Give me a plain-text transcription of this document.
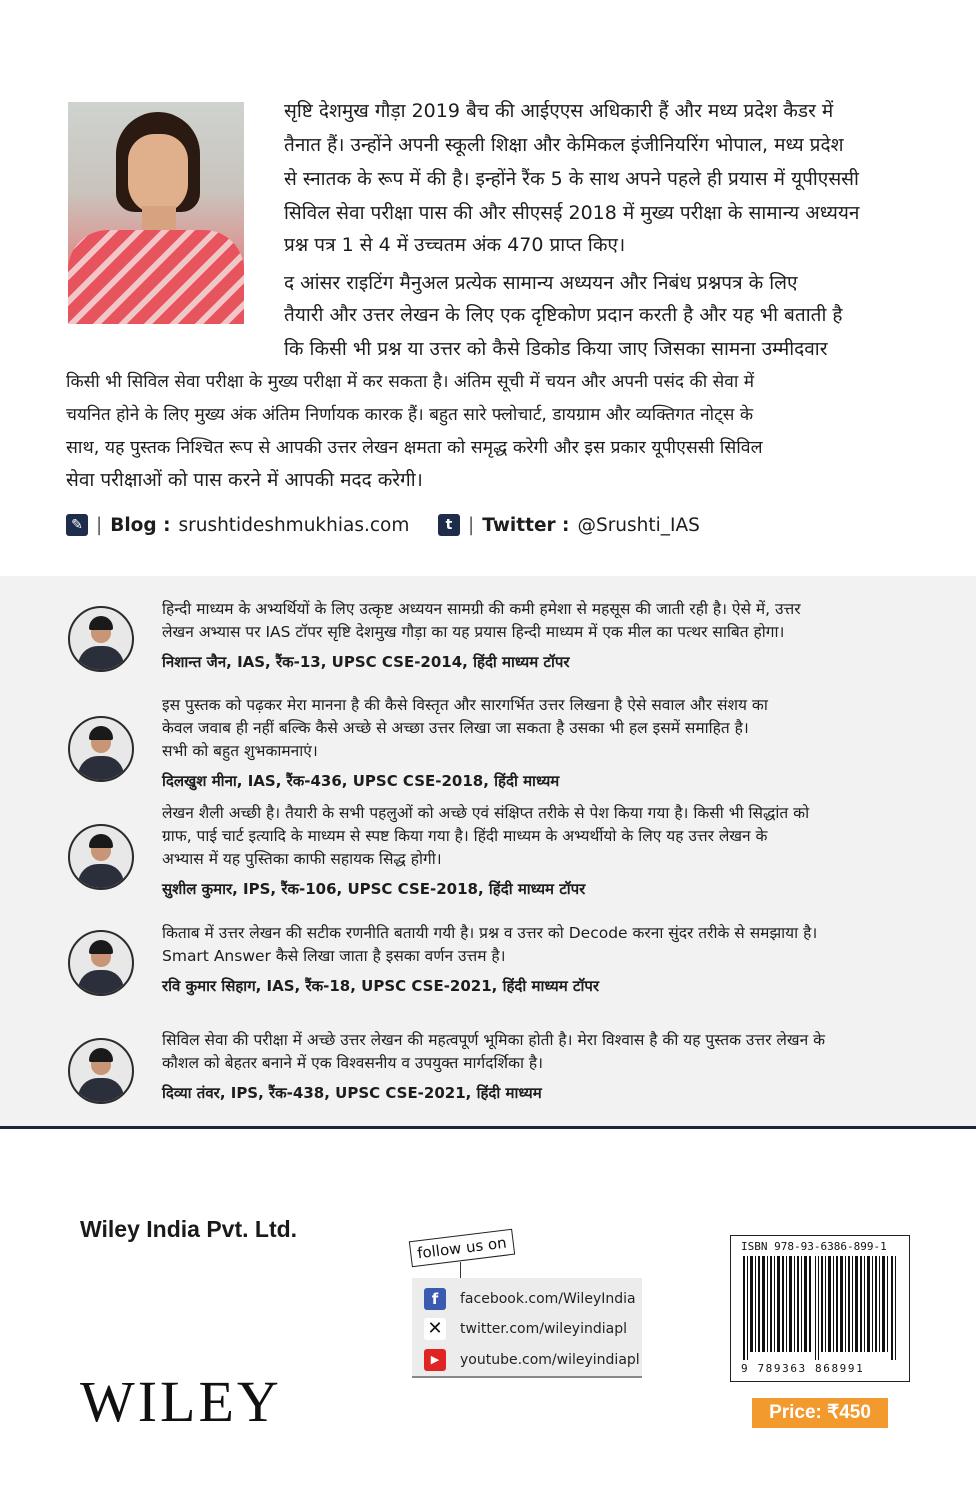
सृष्टि देशमुख गौड़ा 2019 बैच की आईएएस अधिकारी हैं और मध्य प्रदेश कैडर में
तैनात हैं। उन्होंने अपनी स्कूली शिक्षा और केमिकल इंजीनियरिंग भोपाल, मध्य प्रदेश
से स्नातक के रूप में की है। इन्होंने रैंक 5 के साथ अपने पहले ही प्रयास में यूपीएससी
सिविल सेवा परीक्षा पास की और सीएसई 2018 में मुख्य परीक्षा के सामान्य अध्ययन
प्रश्न पत्र 1 से 4 में उच्चतम अंक 470 प्राप्त किए।
द आंसर राइटिंग मैनुअल प्रत्येक सामान्य अध्ययन और निबंध प्रश्नपत्र के लिए
तैयारी और उत्तर लेखन के लिए एक दृष्टिकोण प्रदान करती है और यह भी बताती है
कि किसी भी प्रश्न या उत्तर को कैसे डिकोड किया जाए जिसका सामना उम्मीदवार
किसी भी सिविल सेवा परीक्षा के मुख्य परीक्षा में कर सकता है। अंतिम सूची में चयन और अपनी पसंद की सेवा में
चयनित होने के लिए मुख्य अंक अंतिम निर्णायक कारक हैं। बहुत सारे फ्लोचार्ट, डायग्राम और व्यक्तिगत नोट्स के
साथ, यह पुस्तक निश्चित रूप से आपकी उत्तर लेखन क्षमता को समृद्ध करेगी और इस प्रकार यूपीएससी सिविल
सेवा परीक्षाओं को पास करने में आपकी मदद करेगी।
✎ | Blog : srushtideshmukhias.com	t | Twitter : @Srushti_IAS
हिन्दी माध्यम के अभ्यर्थियों के लिए उत्कृष्ट अध्ययन सामग्री की कमी हमेशा से महसूस की जाती रही है। ऐसे में, उत्तर
लेखन अभ्यास पर IAS टॉपर सृष्टि देशमुख गौड़ा का यह प्रयास हिन्दी माध्यम में एक मील का पत्थर साबित होगा।
निशान्त जैन, IAS, रैंक-13, UPSC CSE-2014, हिंदी माध्यम टॉपर
इस पुस्तक को पढ़कर मेरा मानना है की कैसे विस्तृत और सारगर्भित उत्तर लिखना है ऐसे सवाल और संशय का
केवल जवाब ही नहीं बल्कि कैसे अच्छे से अच्छा उत्तर लिखा जा सकता है उसका भी हल इसमें समाहित है।
सभी को बहुत शुभकामनाएं।
दिलखुश मीना, IAS, रैंक-436, UPSC CSE-2018, हिंदी माध्यम
लेखन शैली अच्छी है। तैयारी के सभी पहलुओं को अच्छे एवं संक्षिप्त तरीके से पेश किया गया है। किसी भी सिद्धांत को
ग्राफ, पाई चार्ट इत्यादि के माध्यम से स्पष्ट किया गया है। हिंदी माध्यम के अभ्यर्थीयो के लिए यह उत्तर लेखन के
अभ्यास में यह पुस्तिका काफी सहायक सिद्ध होगी।
सुशील कुमार, IPS, रैंक-106, UPSC CSE-2018, हिंदी माध्यम टॉपर
किताब में उत्तर लेखन की सटीक रणनीति बतायी गयी है। प्रश्न व उत्तर को Decode करना सुंदर तरीके से समझाया है।
Smart Answer कैसे लिखा जाता है इसका वर्णन उत्तम है।
रवि कुमार सिहाग, IAS, रैंक-18, UPSC CSE-2021, हिंदी माध्यम टॉपर
सिविल सेवा की परीक्षा में अच्छे उत्तर लेखन की महत्वपूर्ण भूमिका होती है। मेरा विश्वास है की यह पुस्तक उत्तर लेखन के
कौशल को बेहतर बनाने में एक विश्वसनीय व उपयुक्त मार्गदर्शिका है।
दिव्या तंवर, IPS, रैंक-438, UPSC CSE-2021, हिंदी माध्यम
Wiley India Pvt. Ltd.
WILEY
follow us on
f	facebook.com/WileyIndia
✕ twitter.com/wileyindiapl
▶	youtube.com/wileyindiapl
ISBN 978-93-6386-899-1
9 789363 868991
Price: ₹450
